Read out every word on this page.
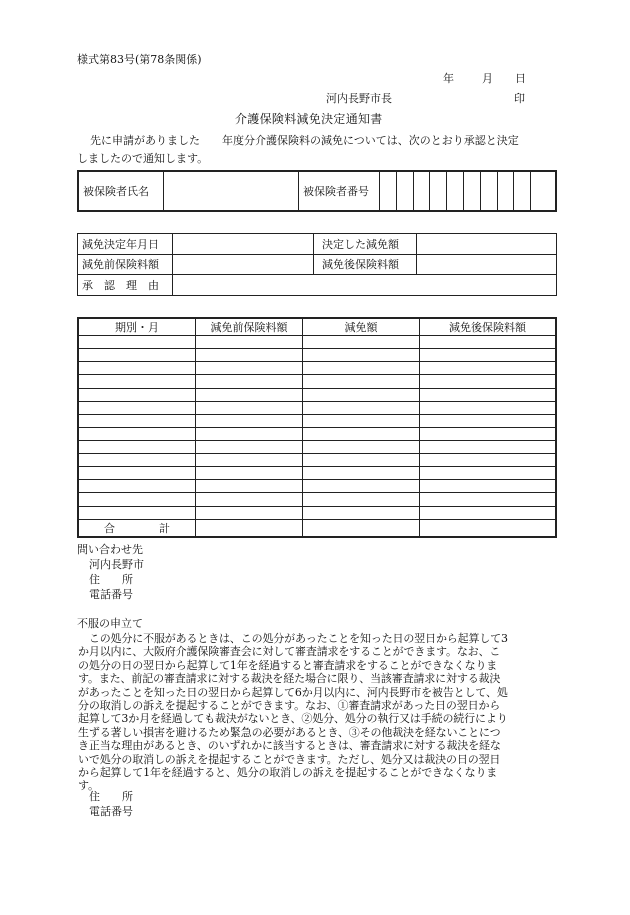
様式第83号(第78条関係)
年	月 日
河内長野市長	印
介護保険料減免決定通知書
先に申請がありました　　年度分介護保険料の減免については、次のとおり承認と決定
しましたので通知します。
被保険者氏名		被保険者番号										
減免決定年月日		決定した減免額	
減免前保険料額		減免後保険料額	
承　認　理　由			
期別・月	減免前保険料額	減免額	減免後保険料額

合　　　　計			
問い合わせ先
河内長野市
住　　所
電話番号
不服の申立て
　この処分に不服があるときは、この処分があったことを知った日の翌日から起算して3
か月以内に、大阪府介護保険審査会に対して審査請求をすることができます。なお、こ
の処分の日の翌日から起算して1年を経過すると審査請求をすることができなくなりま
す。また、前記の審査請求に対する裁決を経た場合に限り、当該審査請求に対する裁決
があったことを知った日の翌日から起算して6か月以内に、河内長野市を被告として、処
分の取消しの訴えを提起することができます。なお、①審査請求があった日の翌日から
起算して3か月を経過しても裁決がないとき、②処分、処分の執行又は手続の続行により
生ずる著しい損害を避けるため緊急の必要があるとき、③その他裁決を経ないことにつ
き正当な理由があるとき、のいずれかに該当するときは、審査請求に対する裁決を経な
いで処分の取消しの訴えを提起することができます。ただし、処分又は裁決の日の翌日
から起算して1年を経過すると、処分の取消しの訴えを提起することができなくなりま
す。
住　　所
電話番号
